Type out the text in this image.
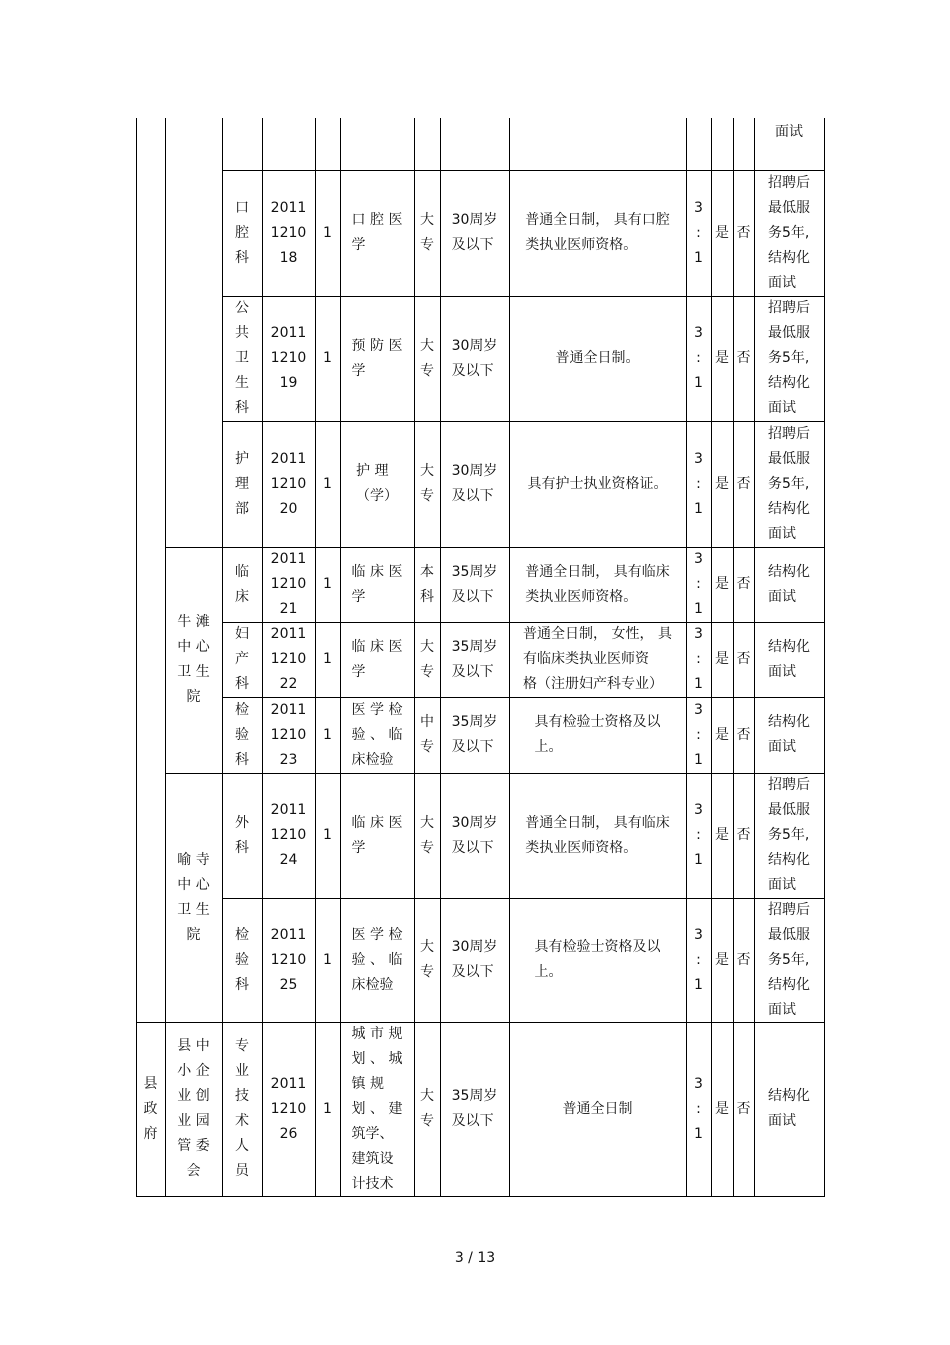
牛 滩
中 心
卫 生
院
喻 寺
中 心
卫 生
院
县 中
小 企
业 创
业 园
管 委
会
县
政
府
面试
口
腔
科
2011
1210
18
1
口 腔 医
学
大
专
30周岁
及以下
普通全日制， 具有口腔
类执业医师资格。
3
:
1
是 否
招聘后
最低服
务5年,
结构化
面试
公
共
卫
生
科
2011
1210
19
1
预 防 医
学
大
专
30周岁
及以下
普通全日制。
3
:
1
是 否
招聘后
最低服
务5年,
结构化
面试
护
理
部
2011
1210
20
1
护 理
（学）
大
专
30周岁
及以下
具有护士执业资格证。
3
:
1
是 否
招聘后
最低服
务5年,
结构化
面试
临
床
2011
1210
21
1
临 床 医
学
本
科
35周岁
及以下
普通全日制， 具有临床
类执业医师资格。
3
:
1
是 否
结构化
面试
妇
产
科
2011
1210
22
1
临 床 医
学
大
专
35周岁
及以下
普通全日制， 女性， 具
有临床类执业医师资
格（注册妇产科专业）
3
:
1
是 否
结构化
面试
检
验
科
2011
1210
23
1
医 学 检
验 、 临
床检验
中
专
35周岁
及以下
具有检验士资格及以
上。
3
:
1
是 否
结构化
面试
外
科
2011
1210
24
1
临 床 医
学
大
专
30周岁
及以下
普通全日制， 具有临床
类执业医师资格。
3
:
1
是 否
招聘后
最低服
务5年,
结构化
面试
检
验
科
2011
1210
25
1
医 学 检
验 、 临
床检验
大
专
30周岁
及以下
具有检验士资格及以
上。
3
:
1
是 否
招聘后
最低服
务5年,
结构化
面试
专
业
技
术
人
员
2011
1210
26
1
城 市 规
划 、 城
镇 规
划 、 建
筑学、
建筑设
计技术
大
专
35周岁
及以下
普通全日制
3
:
1
是 否
结构化
面试
3 / 13
